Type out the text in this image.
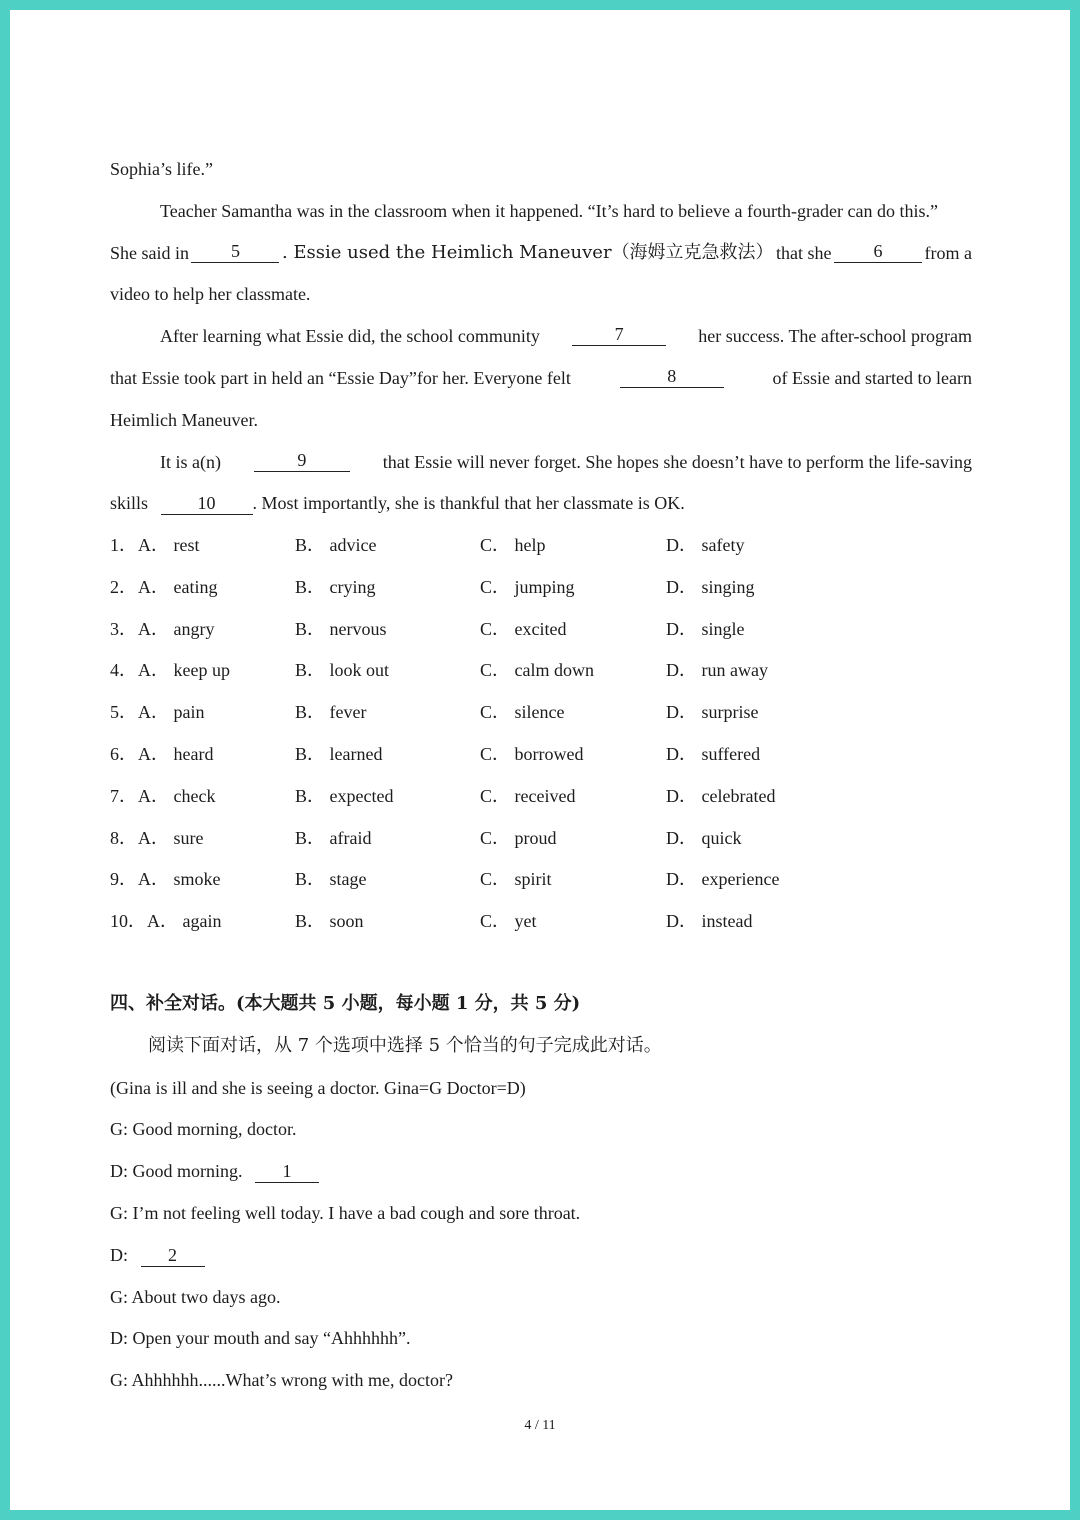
Sophia’s life.”
Teacher Samantha was in the classroom when it happened. “It’s hard to believe a fourth-grader can do this.”
She said in	5	. Essie used the Heimlich Maneuver（海姆立克急救法） that she	6	from a
video to help her classmate.
After learning what Essie did, the school community	7	her success. The after-school program
that Essie took part in held an “Essie Day”for her. Everyone felt	8	of Essie and started to learn
Heimlich Maneuver.
It is a(n)	9	that Essie will never forget. She hopes she doesn’t have to perform the life-saving
skills	10 . Most importantly, she is thankful that her classmate is OK.
1． A． rest	B． advice	C． help	D． safety
2． A． eating	B． crying	C． jumping	D． singing
3． A． angry	B． nervous	C． excited	D． single
4． A． keep up	B． look out	C． calm down	D． run away
5． A． pain	B． fever	C． silence	D． surprise
6． A． heard	B． learned	C． borrowed	D． suffered
7． A． check	B． expected	C． received	D． celebrated
8． A． sure	B． afraid	C． proud	D． quick
9． A． smoke	B． stage	C． spirit	D． experience
10． A． again	B． soon	C． yet	D． instead
四、补全对话。(本大题共 5 小题，每小题 1 分，共 5 分)
阅读下面对话，从 7 个选项中选择 5 个恰当的句子完成此对话。
(Gina is ill and she is seeing a doctor. Gina=G Doctor=D)
G: Good morning, doctor.
D: Good morning. 1
G: I’m not feeling well today. I have a bad cough and sore throat.
D: 2
G: About two days ago.
D: Open your mouth and say “Ahhhhhh”.
G: Ahhhhhh......What’s wrong with me, doctor?
4 / 11
